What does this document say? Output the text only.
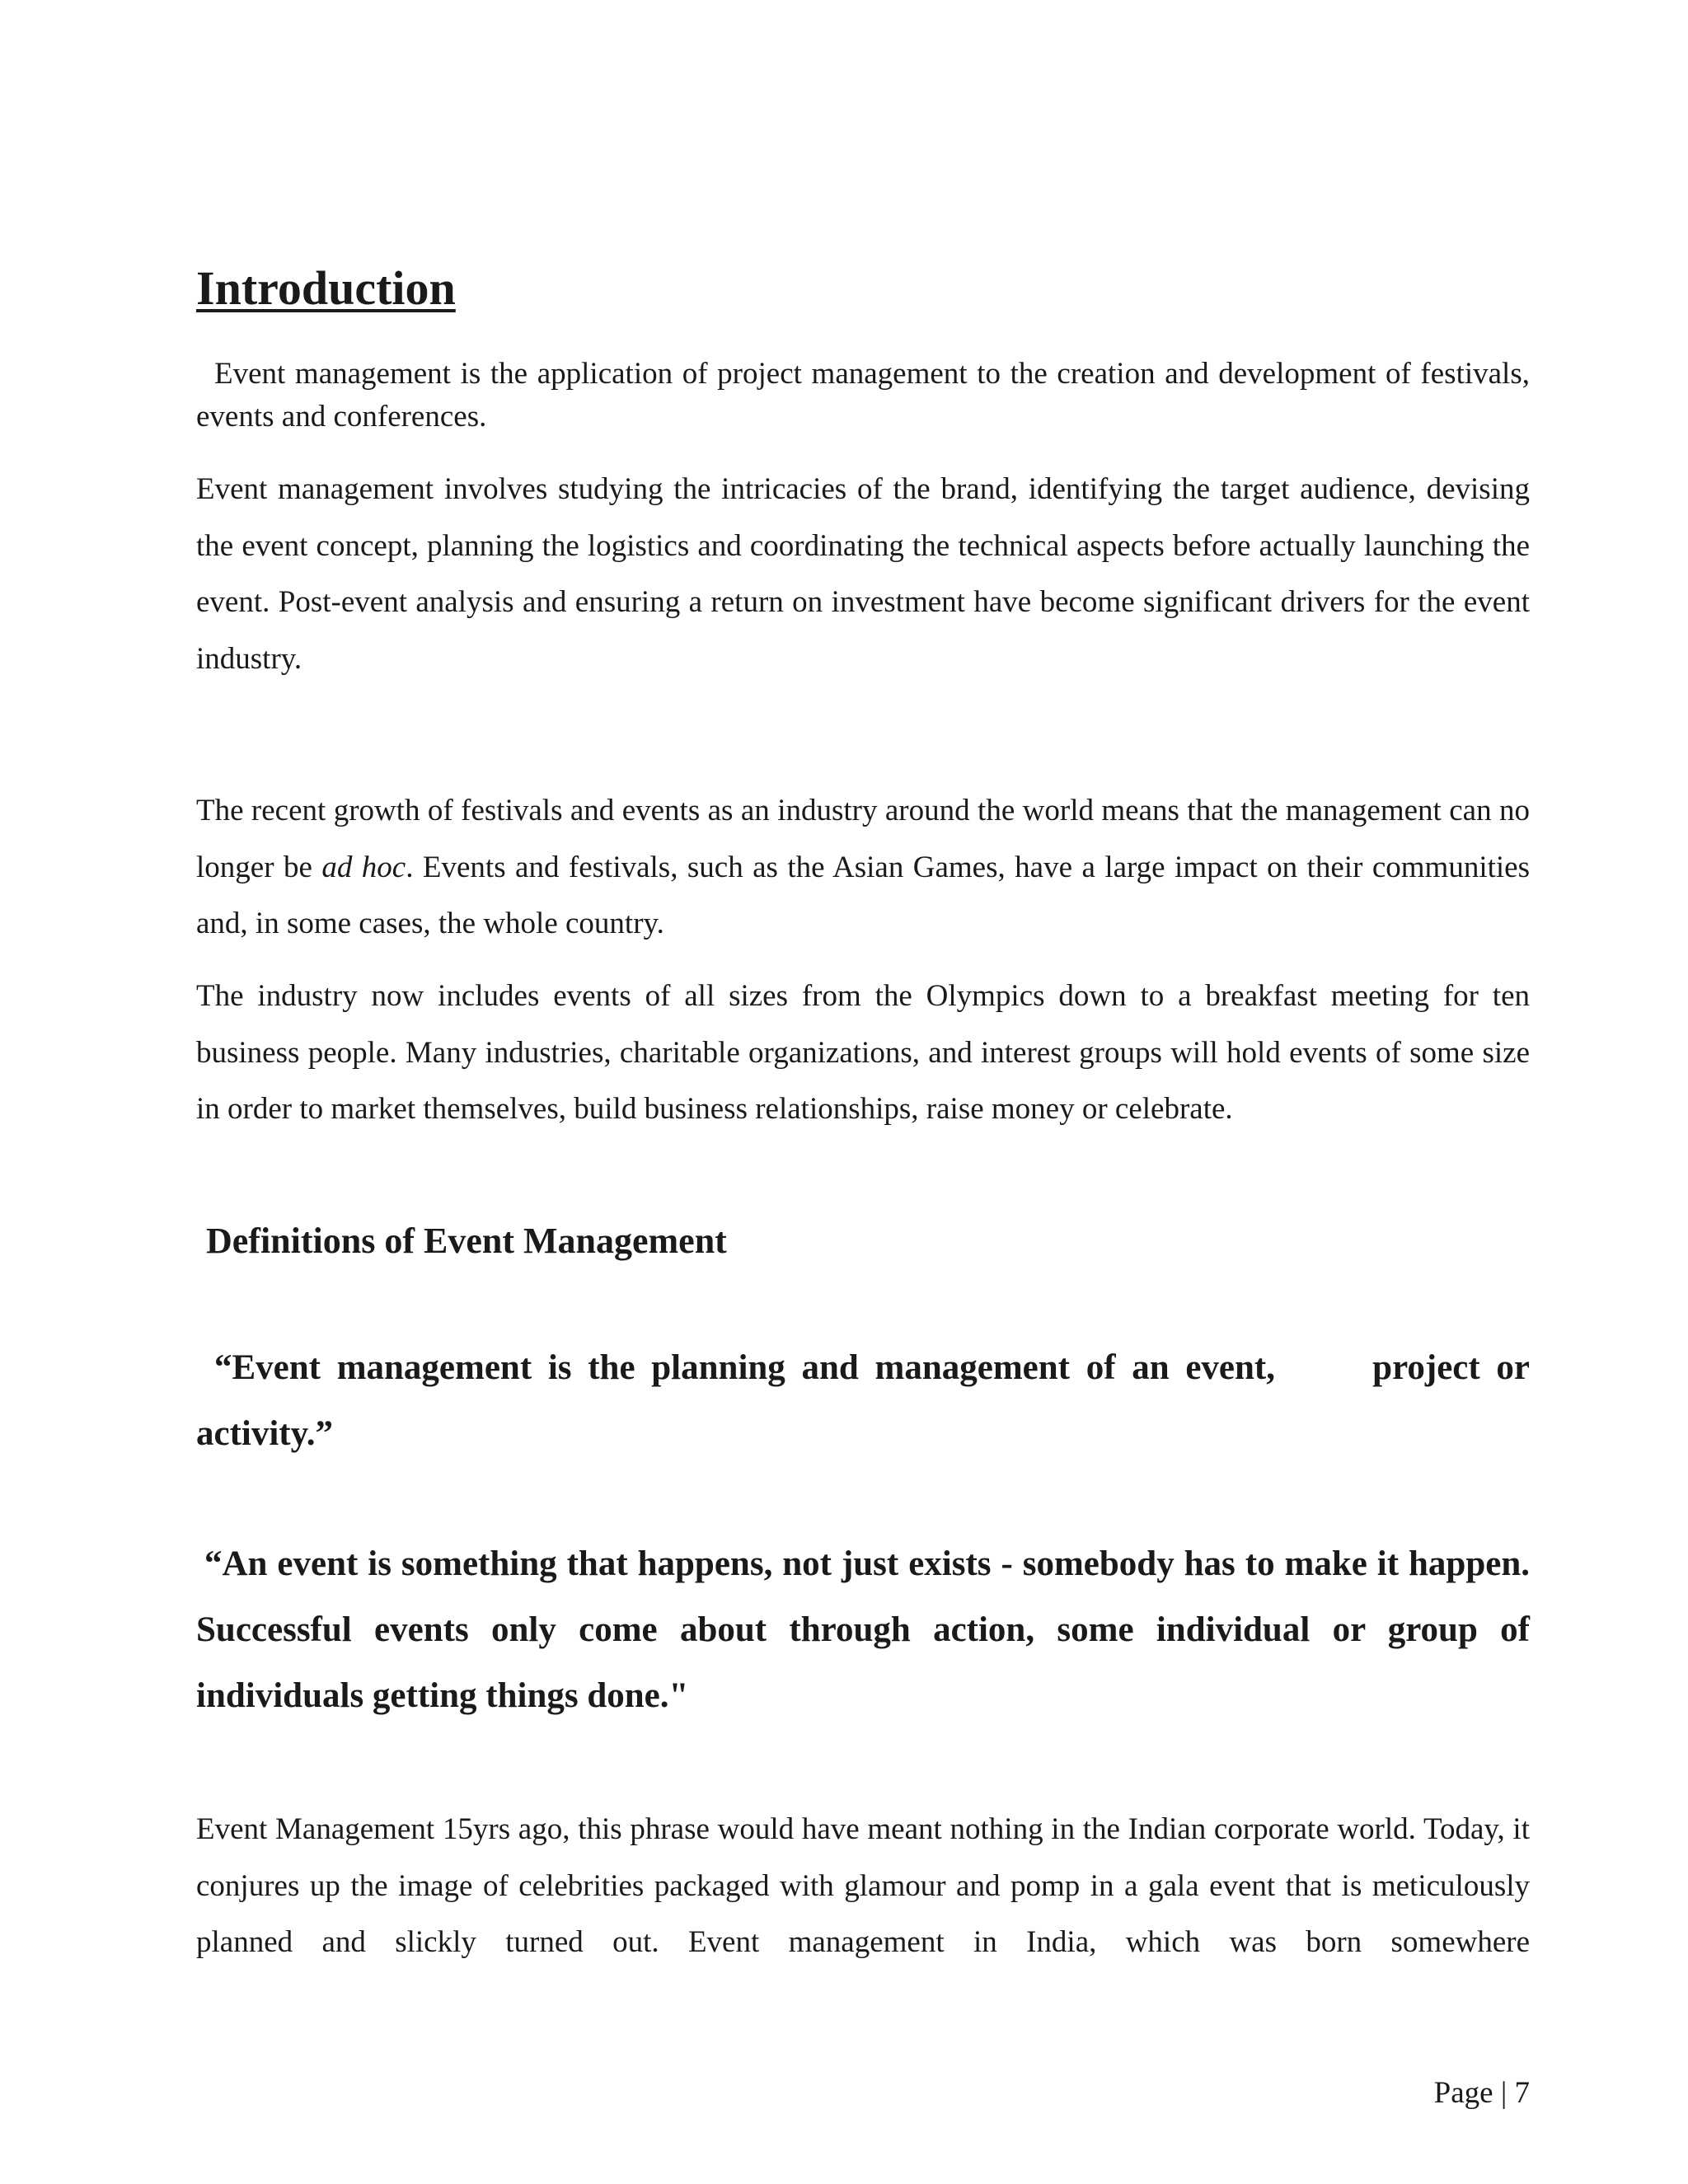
Introduction

Event management is the application of project management to the creation and development of festivals, events and conferences.

Event management involves studying the intricacies of the brand, identifying the target audience, devising the event concept, planning the logistics and coordinating the technical aspects before actually launching the event. Post-event analysis and ensuring a return on investment have become significant drivers for the event industry.

The recent growth of festivals and events as an industry around the world means that the management can no longer be ad hoc. Events and festivals, such as the Asian Games, have a large impact on their communities and, in some cases, the whole country.

The industry now includes events of all sizes from the Olympics down to a breakfast meeting for ten business people. Many industries, charitable organizations, and interest groups will hold events of some size in order to market themselves, build business relationships, raise money or celebrate.

Definitions of Event Management

“Event management is the planning and management of an event,      project or activity.”

“An event is something that happens, not just exists - somebody has to make it happen. Successful events only come about through action, some individual or group of individuals getting things done."

Event Management 15yrs ago, this phrase would have meant nothing in the Indian corporate world. Today, it conjures up the image of celebrities packaged with glamour and pomp in a gala event that is meticulously planned and slickly turned out. Event management in India, which was born somewhere

Page | 7
